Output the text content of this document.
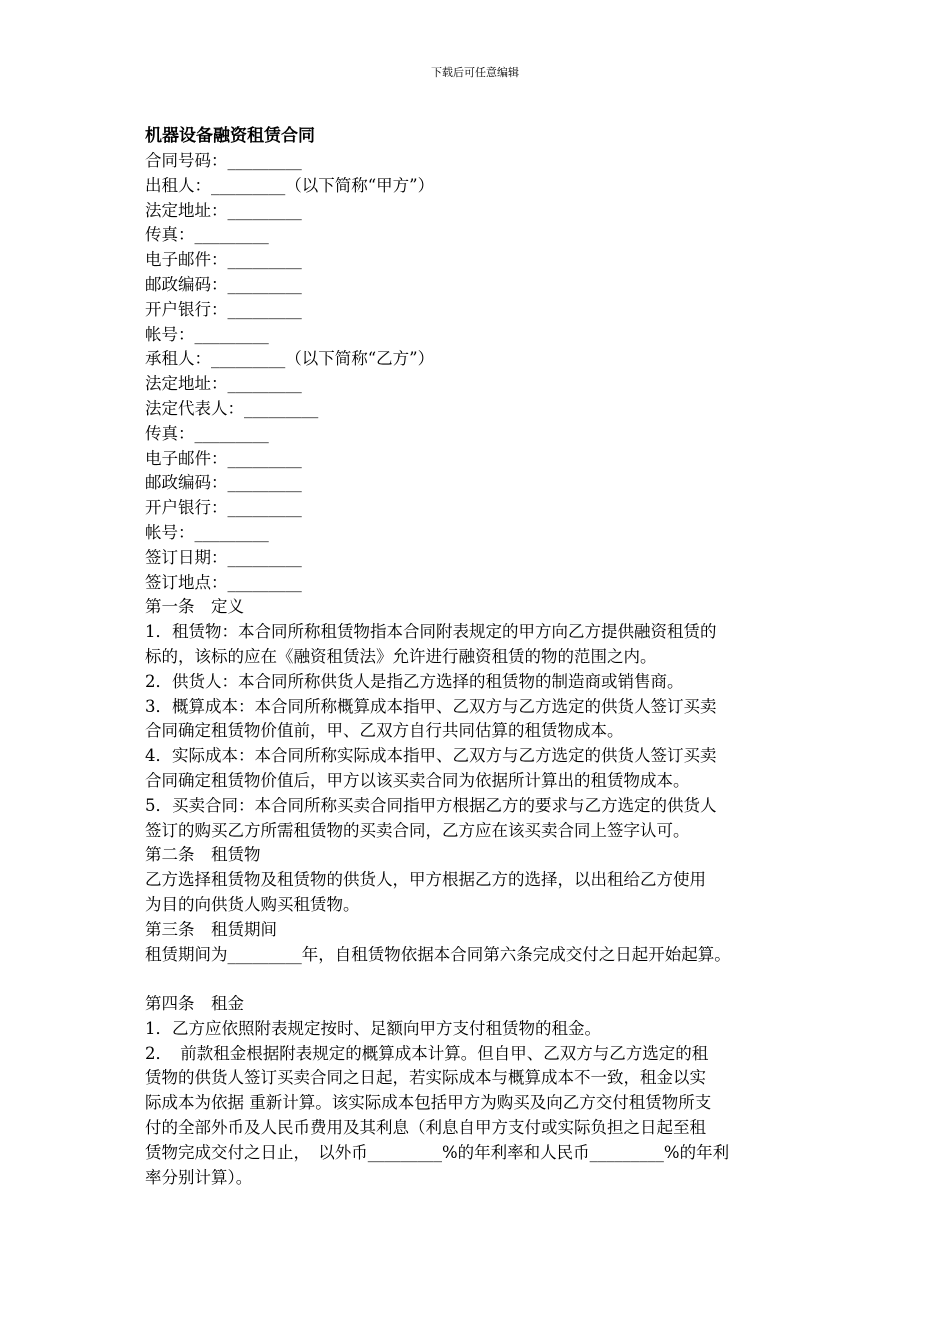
下载后可任意编辑
机器设备融资租赁合同
合同号码：_________
出租人：_________（以下简称“甲方”）
法定地址：_________
传真：_________
电子邮件：_________
邮政编码：_________
开户银行：_________
帐号：_________
承租人：_________（以下简称“乙方”）
法定地址：_________
法定代表人：_________
传真：_________
电子邮件：_________
邮政编码：_________
开户银行：_________
帐号：_________
签订日期：_________
签订地点：_________
第一条　定义
1．租赁物：本合同所称租赁物指本合同附表规定的甲方向乙方提供融资租赁的
标的，该标的应在《融资租赁法》允许进行融资租赁的物的范围之内。
2．供货人：本合同所称供货人是指乙方选择的租赁物的制造商或销售商。
3．概算成本：本合同所称概算成本指甲、乙双方与乙方选定的供货人签订买卖
合同确定租赁物价值前，甲、乙双方自行共同估算的租赁物成本。
4．实际成本：本合同所称实际成本指甲、乙双方与乙方选定的供货人签订买卖
合同确定租赁物价值后，甲方以该买卖合同为依据所计算出的租赁物成本。
5．买卖合同：本合同所称买卖合同指甲方根据乙方的要求与乙方选定的供货人
签订的购买乙方所需租赁物的买卖合同，乙方应在该买卖合同上签字认可。
第二条　租赁物
乙方选择租赁物及租赁物的供货人，甲方根据乙方的选择，以出租给乙方使用
为目的向供货人购买租赁物。
第三条　租赁期间
租赁期间为_________年，自租赁物依据本合同第六条完成交付之日起开始起算。
第四条　租金
1．乙方应依照附表规定按时、足额向甲方支付租赁物的租金。
2．　前款租金根据附表规定的概算成本计算。但自甲、乙双方与乙方选定的租
赁物的供货人签订买卖合同之日起，若实际成本与概算成本不一致，租金以实
际成本为依据 重新计算。该实际成本包括甲方为购买及向乙方交付租赁物所支
付的全部外币及人民币费用及其利息（利息自甲方支付或实际负担之日起至租
赁物完成交付之日止，　以外币_________%的年利率和人民币_________%的年利
率分别计算）。
